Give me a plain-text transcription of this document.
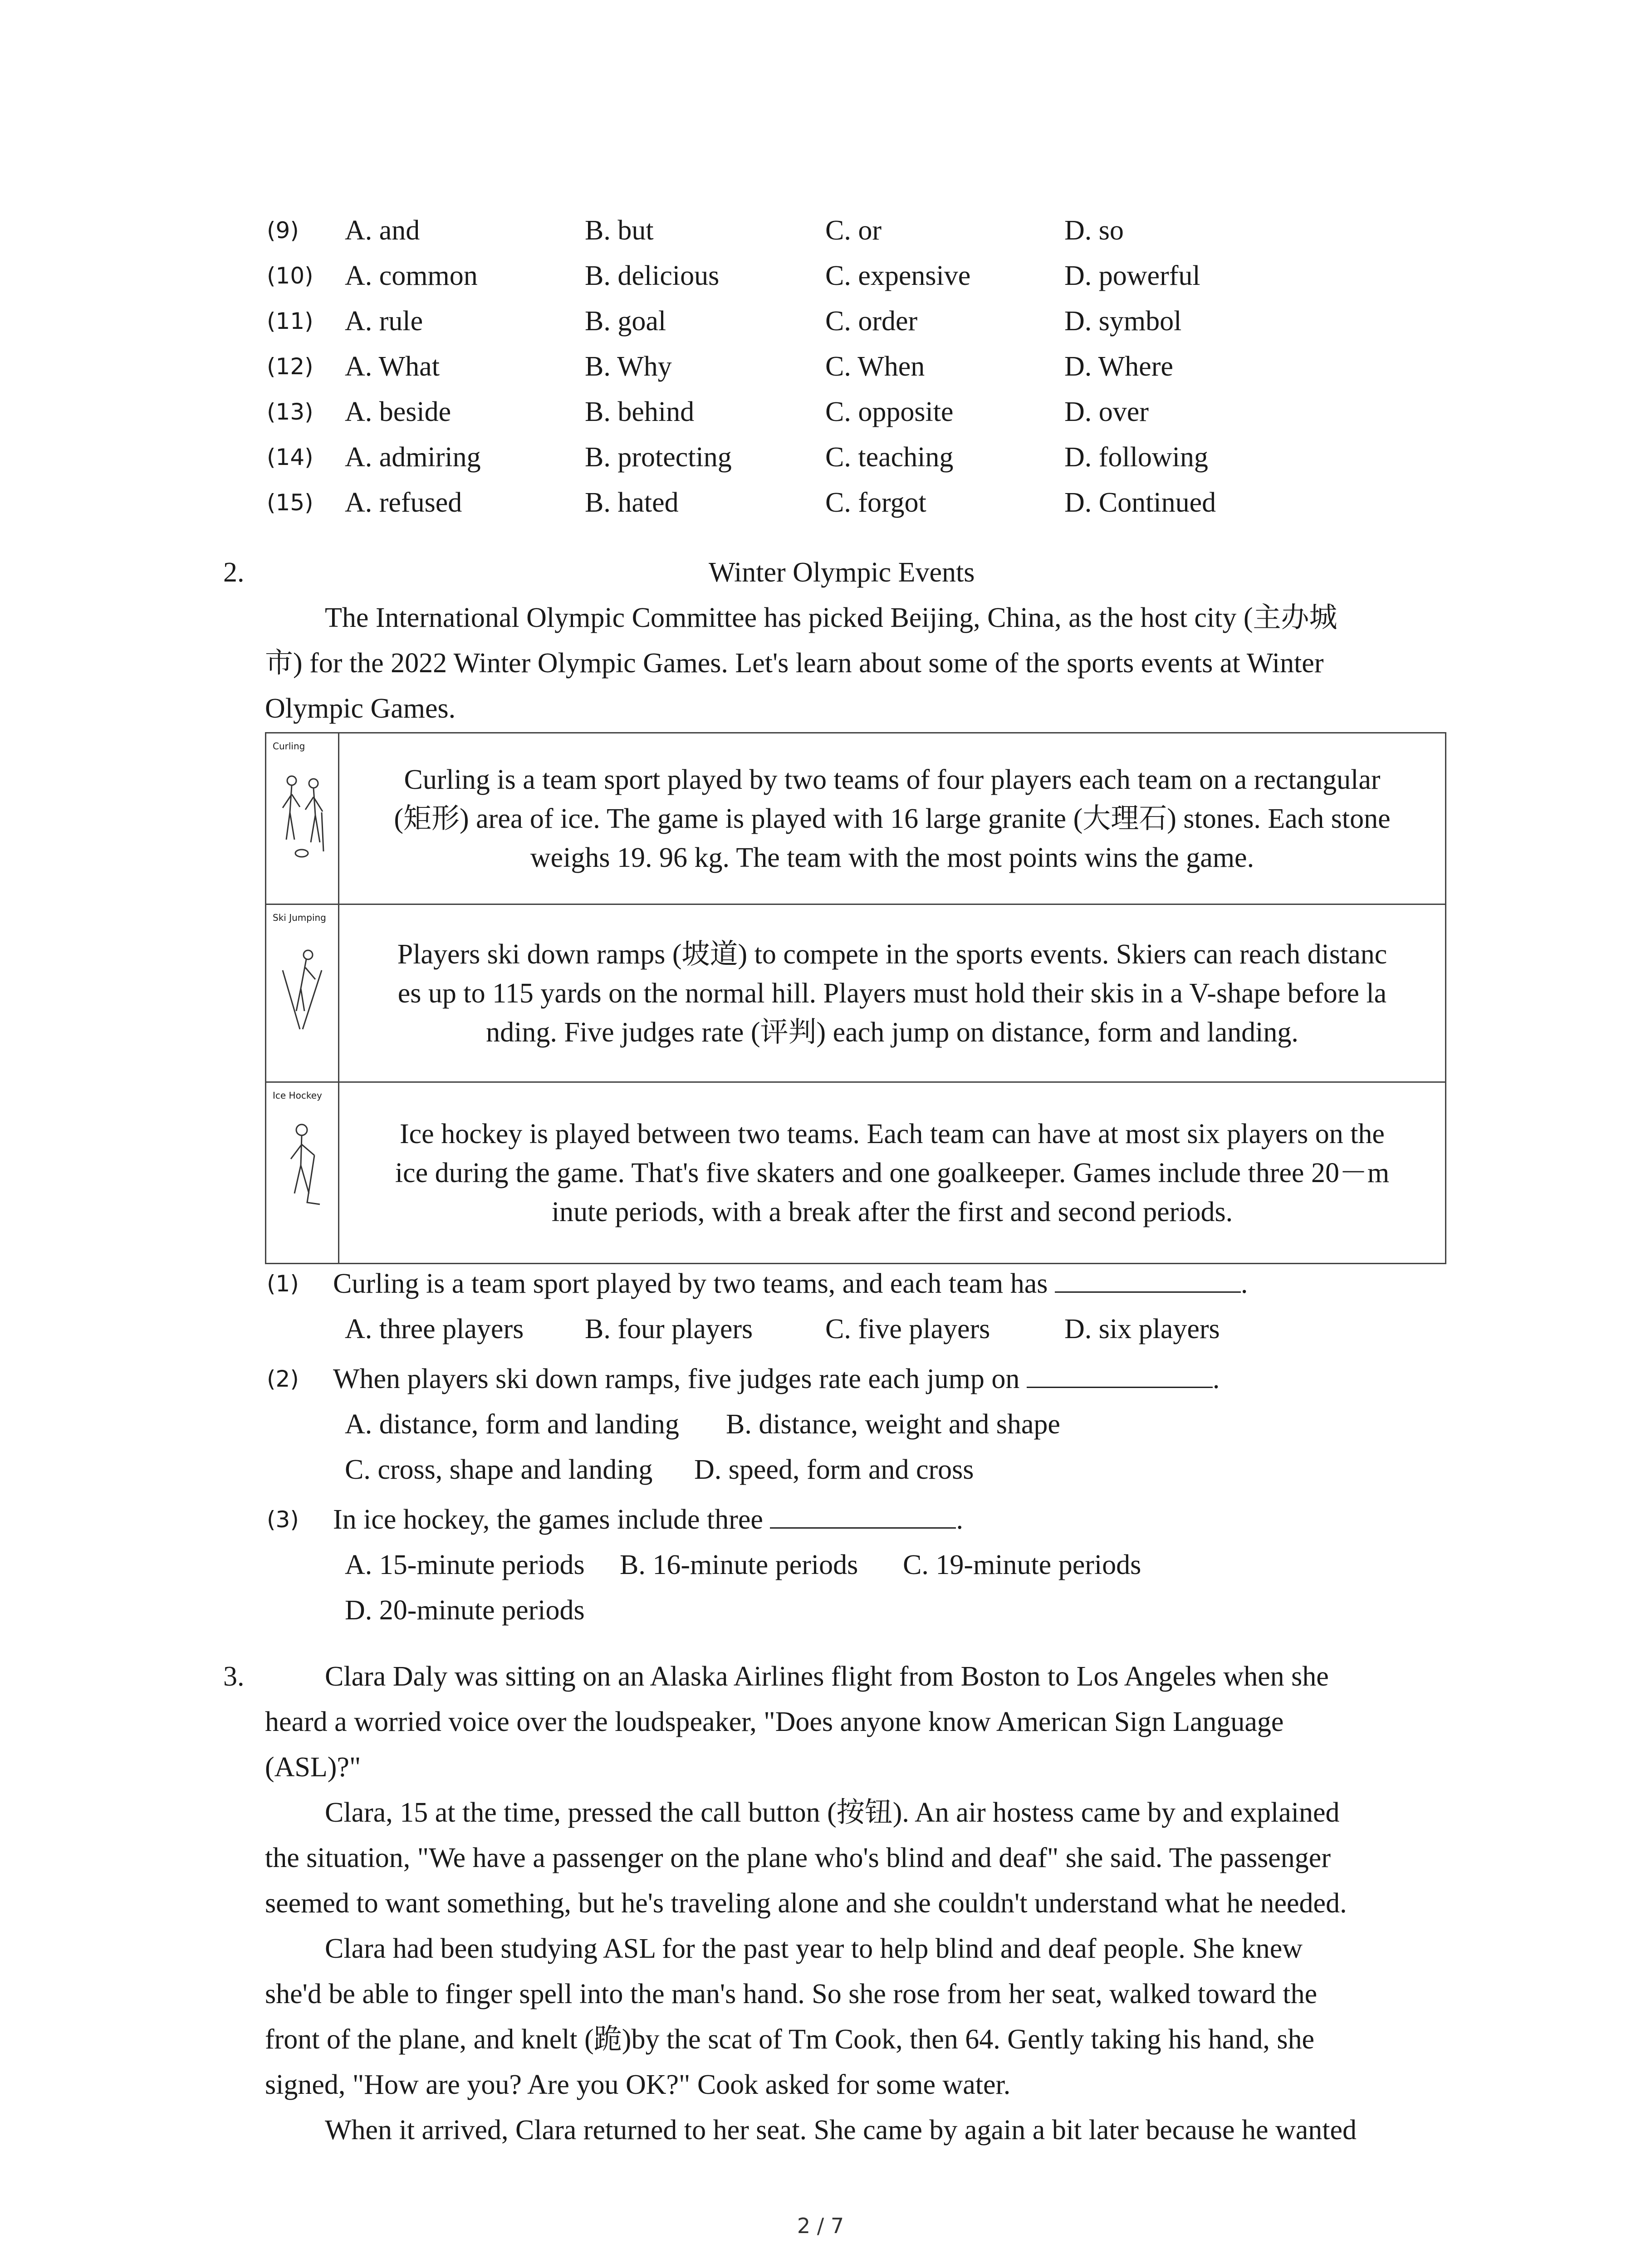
(9) A. and	B. but	C. or	D. so
(10) A. common	B. delicious	C. expensive	D. powerful
(11) A. rule	B. goal	C. order	D. symbol
(12) A. What	B. Why	C. When	D. Where
(13) A. beside	B. behind	C. opposite	D. over
(14) A. admiring	B. protecting	C. teaching	D. following
(15) A. refused	B. hated	C. forgot	D. Continued
2.	Winter Olympic Events
The International Olympic Committee has picked Beijing, China, as the host city (主办城
市) for the 2022 Winter Olympic Games. Let's learn about some of the sports events at Winter
Olympic Games.
Curling	Curling is a team sport played by two teams of four players each team on a rectangular
(矩形) area of ice. The game is played with 16 large granite (大理石) stones. Each stone
weighs 19. 96 kg. The team with the most points wins the game.

Ski Jumping	Players ski down ramps (坡道) to compete in the sports events. Skiers can reach distanc
es up to 115 yards on the normal hill. Players must hold their skis in a V-shape before la
nding. Five judges rate (评判) each jump on distance, form and landing.

Ice Hockey	Ice hockey is played between two teams. Each team can have at most six players on the
ice during the game. That's five skaters and one goalkeeper. Games include three 20－m
inute periods, with a break after the first and second periods.
(1) Curling is a team sport played by two teams, and each team has	.
A. three players B. four players	C. five players	D. six players
(2) When players ski down ramps, five judges rate each jump on	.
A. distance, form and landing B. distance, weight and shape
C. cross, shape and landing D. speed, form and cross
(3) In ice hockey, the games include three	.
A. 15-minute periods B. 16-minute periods C. 19-minute periods
D. 20-minute periods
3.	Clara Daly was sitting on an Alaska Airlines flight from Boston to Los Angeles when she
heard a worried voice over the loudspeaker, "Does anyone know American Sign Language
(ASL)?"
Clara, 15 at the time, pressed the call button (按钮). An air hostess came by and explained
the situation, "We have a passenger on the plane who's blind and deaf" she said. The passenger
seemed to want something, but he's traveling alone and she couldn't understand what he needed.
Clara had been studying ASL for the past year to help blind and deaf people. She knew
she'd be able to finger spell into the man's hand. So she rose from her seat, walked toward the
front of the plane, and knelt (跪)by the scat of Tm Cook, then 64. Gently taking his hand, she
signed, "How are you? Are you OK?" Cook asked for some water.
When it arrived, Clara returned to her seat. She came by again a bit later because he wanted
2 / 7
